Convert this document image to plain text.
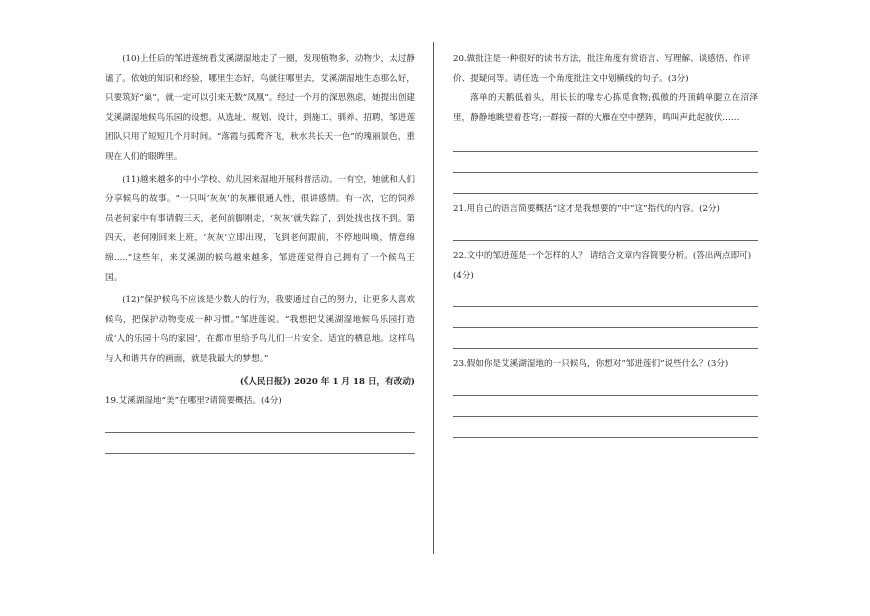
(10)上任后的邹进莲统看艾溪湖湿地走了一圈，发现植物多，动物少，太过静谧了。依她的知识和经验，哪里生态好，鸟就往哪里去，艾溪湖湿地生态那么好，只要筑好“巢”，就一定可以引来无数“凤凰”。经过一个月的深思熟虑，她提出创建艾溪湖湿地候鸟乐园的设想。从选址、规划、设计，到施工、驯养、招聘，邹进莲团队只用了短短几个月时间。“落霞与孤鹜齐飞，秋水共长天一色”的瑰丽景色，重现在人们的眼眸里。

(11)越来越多的中小学校、幼儿园来湿地开展科普活动。一有空，她就和人们分享候鸟的故事。“一只叫‘灰灰’的灰雁很通人性，很讲感情。有一次，它的饲养员老何家中有事请假三天，老何前脚刚走，‘灰灰’就失踪了，到处找也找不到。第四天，老何刚回来上班，‘灰灰’立即出现，飞到老何跟前，不停地叫唤，情意绵绵.....”这些年，来艾溪湖的候鸟越来越多，邹进莲觉得自己拥有了一个候鸟王国。

(12)“保护候鸟不应该是少数人的行为，我要通过自己的努力，让更多人喜欢候鸟，把保护动物变成一种习惯。”邹进莲说。“我想把艾溪湖湿地候鸟乐园打造成‘人的乐园十鸟的家园’，在都市里给予鸟儿们一片安全、适宜的栖息地。这样鸟与人和谐共存的画面，就是我最大的梦想。”

(《人民日报》) 2020 年 1 月 18 日，有改动)

19.艾溪湖湿地“美”在哪里?请简要概括。(4分)

20.做批注是一种很好的读书方法，批注角度有赏语言、写理解、谈感悟、作评价、提疑问等。请任选一个角度批注文中划横线的句子。(3分)

落单的天鹅低着头，用长长的喙专心拣觅食物;孤傲的丹顶鹤单腿立在沼泽里，静静地眺望着苍穹;一群接一群的大雁在空中摆阵，鸣叫声此起彼伏……

21.用自己的语言简要概括“这才是我想要的”中“这”指代的内容。(2分)

22.文中的邹进莲是一个怎样的人？ 请结合文章内容简要分析。(答出两点即可)(4分)

23.假如你是艾溪湖湿地的一只候鸟，你想对“邹进莲们”说些什么？(3分)
